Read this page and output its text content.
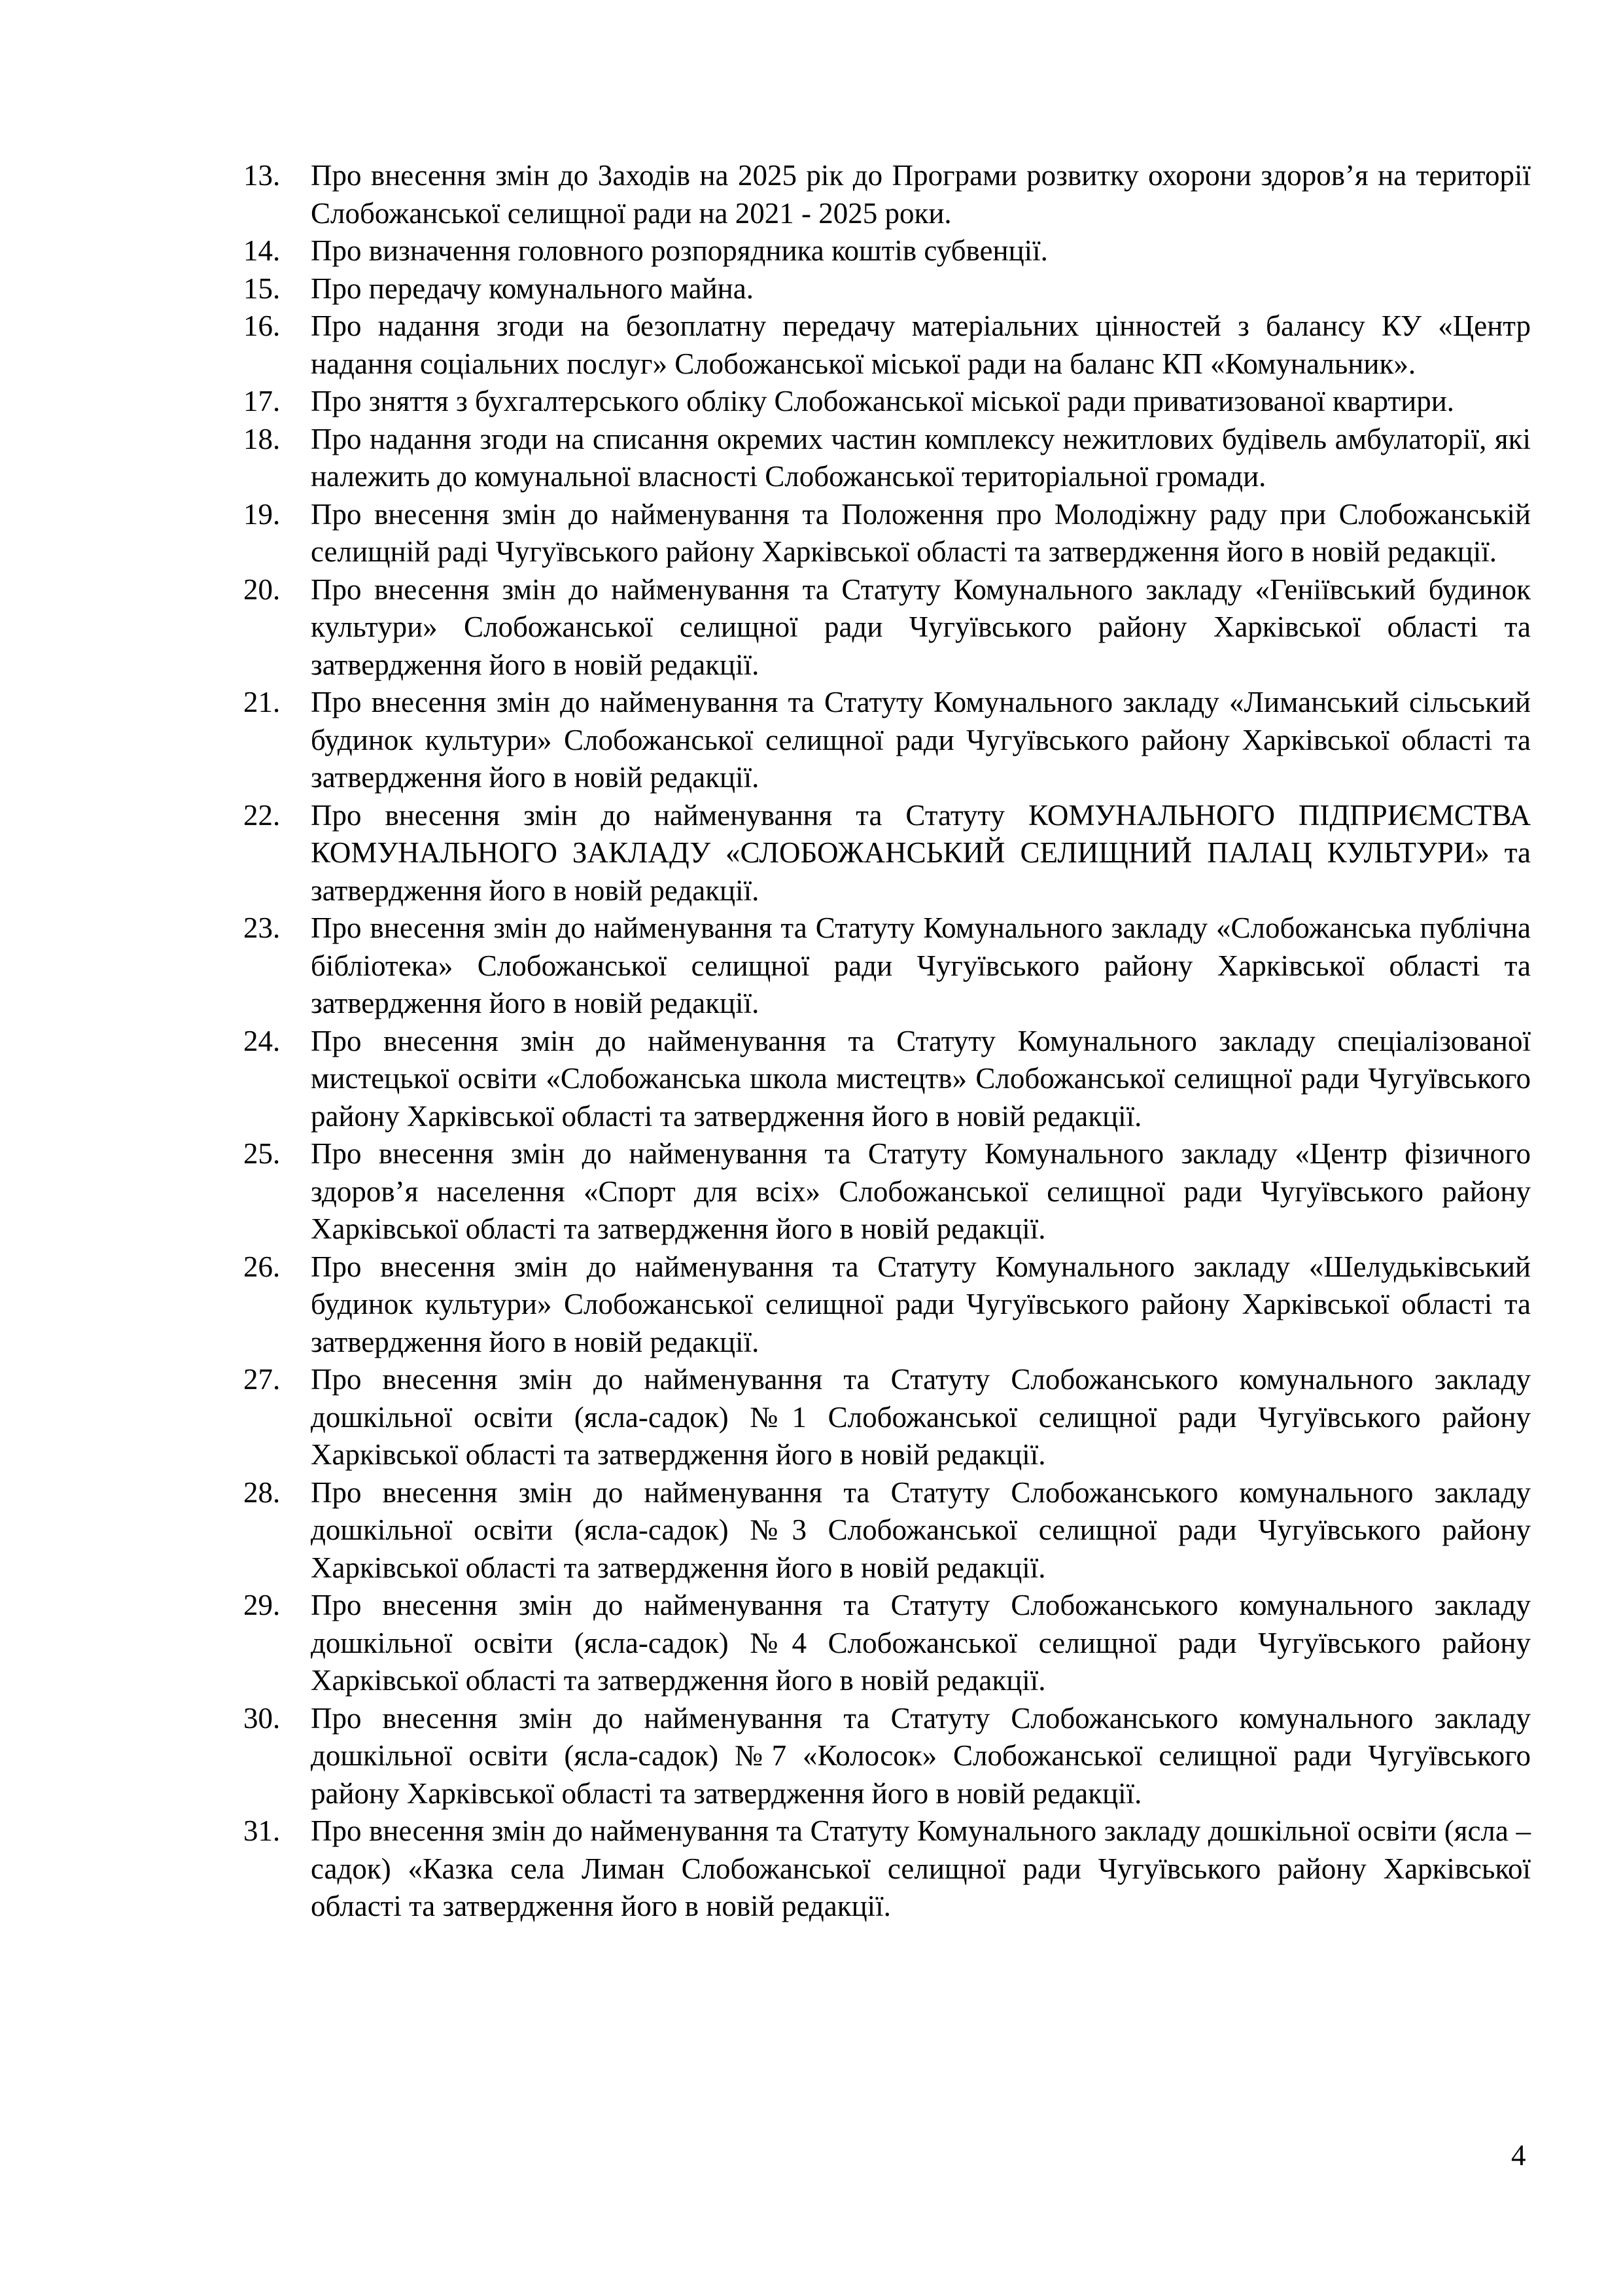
13. Про внесення змін до Заходів на 2025 рік до Програми розвитку охорони здоров’я на території Слобожанської селищної ради на 2021 - 2025 роки.
14. Про визначення головного розпорядника коштів субвенції.
15. Про передачу комунального майна.
16. Про надання згоди на безоплатну передачу матеріальних цінностей з балансу КУ «Центр надання соціальних послуг» Слобожанської міської ради на баланс КП «Комунальник».
17. Про зняття з бухгалтерського обліку Слобожанської міської ради приватизованої квартири.
18. Про надання згоди на списання окремих частин комплексу нежитлових будівель амбулаторії, які належить до комунальної власності Слобожанської територіальної громади.
19. Про внесення змін до найменування та Положення про Молодіжну раду при Слобожанській селищній раді Чугуївського району Харківської області та затвердження його в новій редакції.
20. Про внесення змін до найменування та Статуту Комунального закладу «Геніївський будинок культури» Слобожанської селищної ради Чугуївського району Харківської області та затвердження його в новій редакції.
21. Про внесення змін до найменування та Статуту Комунального закладу «Лиманський сільський будинок культури» Слобожанської селищної ради Чугуївського району Харківської області та затвердження його в новій редакції.
22. Про внесення змін до найменування та Статуту КОМУНАЛЬНОГО ПІДПРИЄМСТВА КОМУНАЛЬНОГО ЗАКЛАДУ «СЛОБОЖАНСЬКИЙ СЕЛИЩНИЙ ПАЛАЦ КУЛЬТУРИ» та затвердження його в новій редакції.
23. Про внесення змін до найменування та Статуту Комунального закладу «Слобожанська публічна бібліотека» Слобожанської селищної ради Чугуївського району Харківської області та затвердження його в новій редакції.
24. Про внесення змін до найменування та Статуту Комунального закладу спеціалізованої мистецької освіти «Слобожанська школа мистецтв» Слобожанської селищної ради Чугуївського району Харківської області та затвердження його в новій редакції.
25. Про внесення змін до найменування та Статуту Комунального закладу «Центр фізичного здоров’я населення «Спорт для всіх» Слобожанської селищної ради Чугуївського району Харківської області та затвердження його в новій редакції.
26. Про внесення змін до найменування та Статуту Комунального закладу «Шелудьківський будинок культури» Слобожанської селищної ради Чугуївського району Харківської області та затвердження його в новій редакції.
27. Про внесення змін до найменування та Статуту Слобожанського комунального закладу дошкільної освіти (ясла-садок) №1 Слобожанської селищної ради Чугуївського району Харківської області та затвердження його в новій редакції.
28. Про внесення змін до найменування та Статуту Слобожанського комунального закладу дошкільної освіти (ясла-садок) №3 Слобожанської селищної ради Чугуївського району Харківської області та затвердження його в новій редакції.
29. Про внесення змін до найменування та Статуту Слобожанського комунального закладу дошкільної освіти (ясла-садок) №4 Слобожанської селищної ради Чугуївського району Харківської області та затвердження його в новій редакції.
30. Про внесення змін до найменування та Статуту Слобожанського комунального закладу дошкільної освіти (ясла-садок) №7 «Колосок» Слобожанської селищної ради Чугуївського району Харківської області та затвердження його в новій редакції.
31. Про внесення змін до найменування та Статуту Комунального закладу дошкільної освіти (ясла – садок) «Казка села Лиман Слобожанської селищної ради Чугуївського району Харківської області та затвердження його в новій редакції.
4
